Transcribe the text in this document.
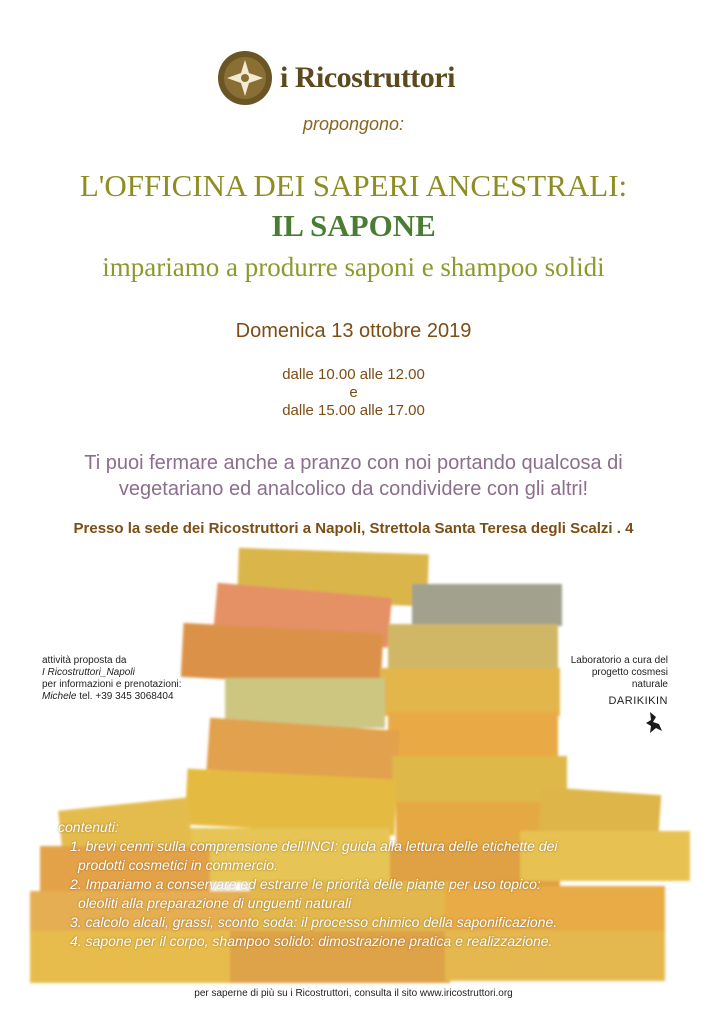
i Ricostruttori
propongono:
L'OFFICINA DEI SAPERI ANCESTRALI:
IL SAPONE
impariamo a produrre saponi e shampoo solidi
Domenica 13 ottobre 2019
dalle 10.00 alle 12.00
e
dalle 15.00 alle 17.00
Ti puoi fermare anche a pranzo con noi portando qualcosa di
vegetariano ed analcolico da condividere con gli altri!
Presso la sede dei Ricostruttori a Napoli, Strettola Santa Teresa degli Scalzi . 4
attività proposta da
I Ricostruttori_Napoli
per informazioni e prenotazioni:
Michele tel. +39 345 3068404
Laboratorio a cura del
progetto cosmesi naturale
DARIKIKIN
contenuti:
1. brevi cenni sulla comprensione dell'INCI: guida alla lettura delle etichette dei
prodotti cosmetici in commercio.
2. Impariamo a conservare ed estrarre le priorità delle piante per uso topico:
oleoliti alla preparazione di unguenti naturali
3. calcolo alcali, grassi, sconto soda: il processo chimico della saponificazione.
4. sapone per il corpo, shampoo solido: dimostrazione pratica e realizzazione.
per saperne di più su i Ricostruttori, consulta il sito www.iricostruttori.org
